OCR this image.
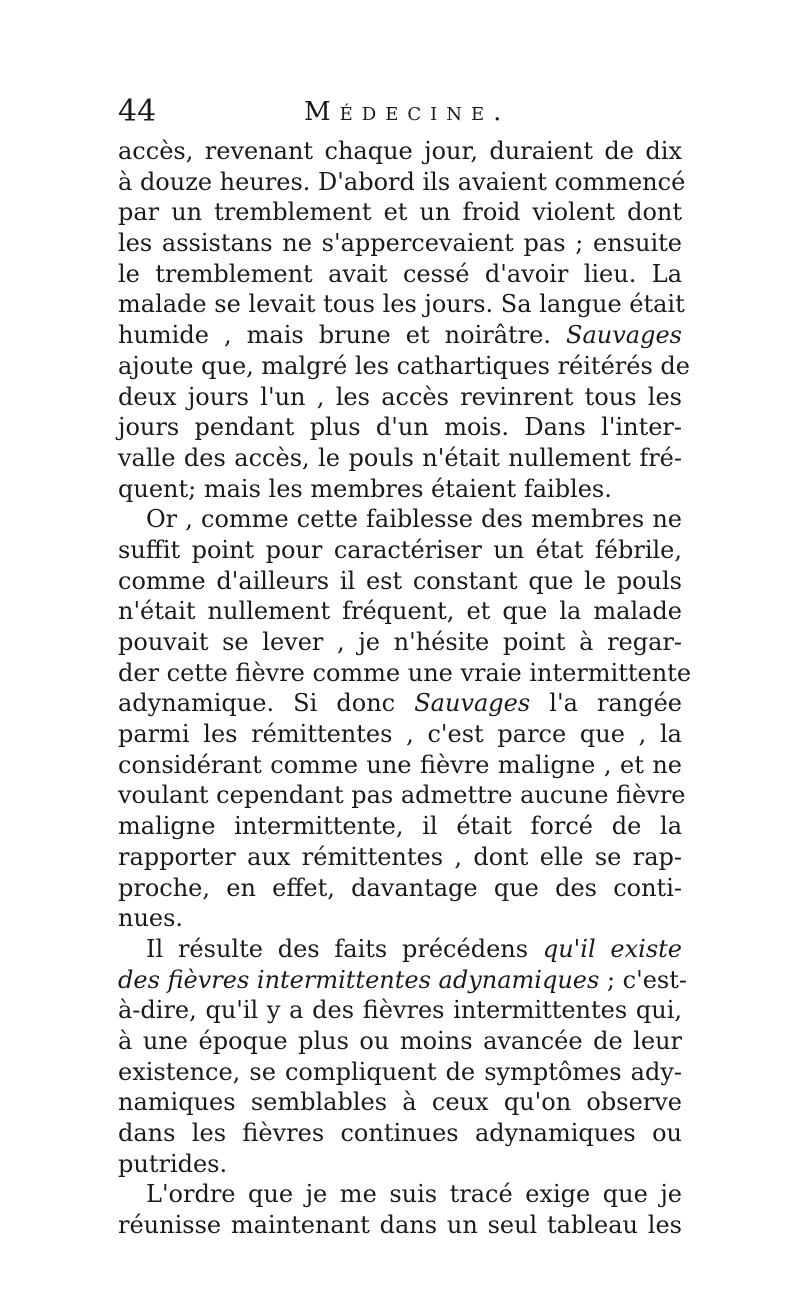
44	Médecine.
accès, revenant chaque jour, duraient de dix
à douze heures. D'abord ils avaient commencé
par un tremblement et un froid violent dont
les assistans ne s'appercevaient pas ; ensuite
le tremblement avait cessé d'avoir lieu. La
malade se levait tous les jours. Sa langue était
humide , mais brune et noirâtre. Sauvages
ajoute que, malgré les cathartiques réitérés de
deux jours l'un , les accès revinrent tous les
jours pendant plus d'un mois. Dans l'inter-
valle des accès, le pouls n'était nullement fré-
quent; mais les membres étaient faibles.
Or , comme cette faiblesse des membres ne
suffit point pour caractériser un état fébrile,
comme d'ailleurs il est constant que le pouls
n'était nullement fréquent, et que la malade
pouvait se lever , je n'hésite point à regar-
der cette fièvre comme une vraie intermittente
adynamique. Si donc Sauvages l'a rangée
parmi les rémittentes , c'est parce que , la
considérant comme une fièvre maligne , et ne
voulant cependant pas admettre aucune fièvre
maligne intermittente, il était forcé de la
rapporter aux rémittentes , dont elle se rap-
proche, en effet, davantage que des conti-
nues.
Il résulte des faits précédens qu'il existe
des fièvres intermittentes adynamiques ; c'est-
à-dire, qu'il y a des fièvres intermittentes qui,
à une époque plus ou moins avancée de leur
existence, se compliquent de symptômes ady-
namiques semblables à ceux qu'on observe
dans les fièvres continues adynamiques ou
putrides.
L'ordre que je me suis tracé exige que je
réunisse maintenant dans un seul tableau les
